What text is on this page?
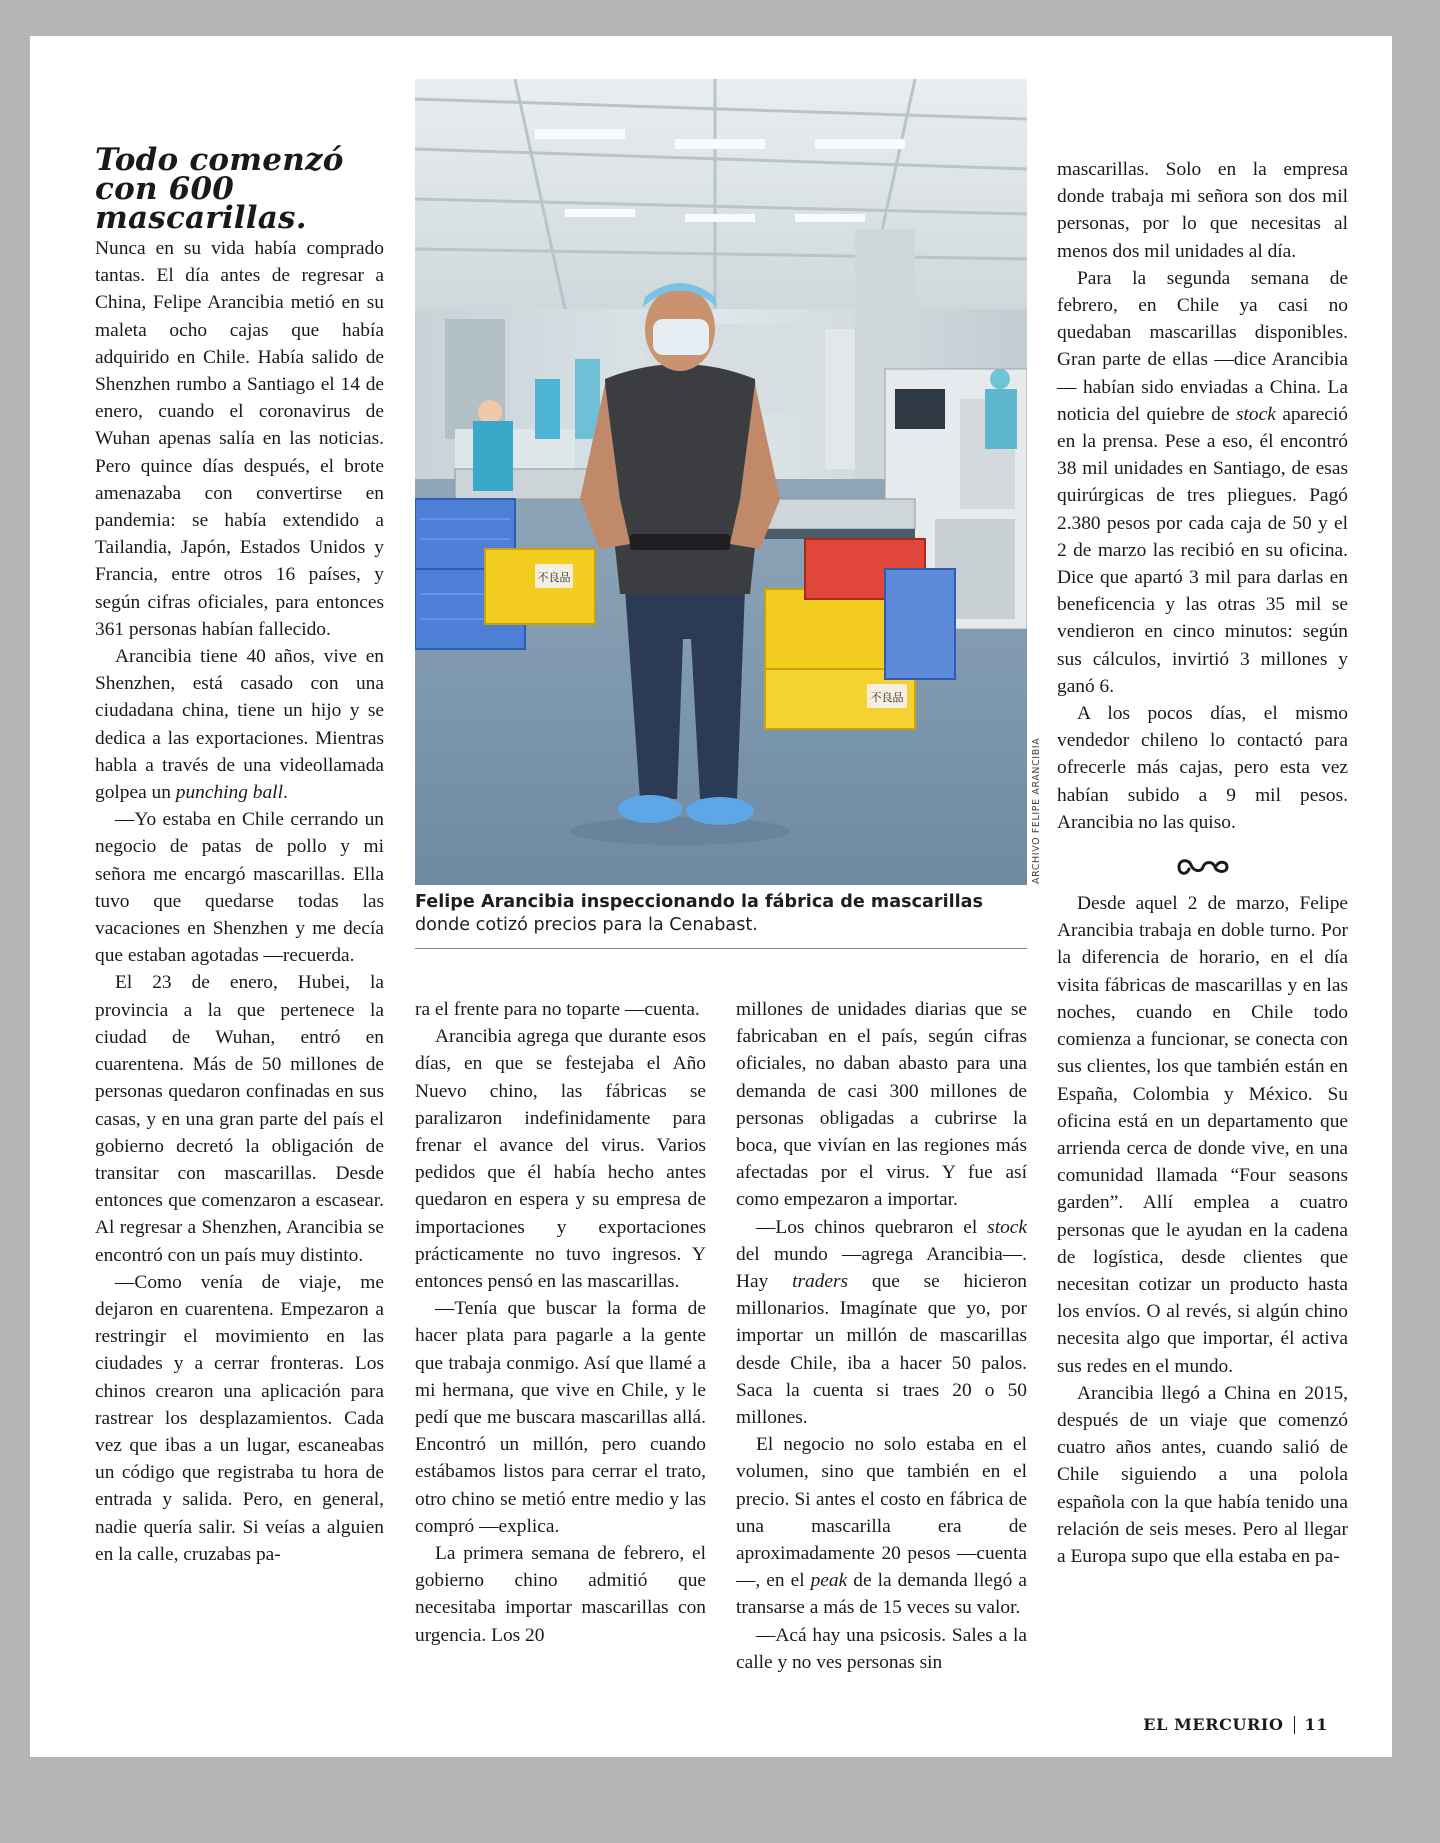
Todo comenzó con 600 mascarillas.

Nunca en su vida había comprado tantas. El día antes de regresar a China, Felipe Arancibia metió en su maleta ocho cajas que había adquirido en Chile. Había salido de Shenzhen rumbo a Santiago el 14 de enero, cuando el coronavirus de Wuhan apenas salía en las noticias. Pero quince días después, el brote amenazaba con convertirse en pandemia: se había extendido a Tailandia, Japón, Estados Unidos y Francia, entre otros 16 países, y según cifras oficiales, para entonces 361 personas habían fallecido.

Arancibia tiene 40 años, vive en Shenzhen, está casado con una ciudadana china, tiene un hijo y se dedica a las exportaciones. Mientras habla a través de una videollamada golpea un punching ball.

—Yo estaba en Chile cerrando un negocio de patas de pollo y mi señora me encargó mascarillas. Ella tuvo que quedarse todas las vacaciones en Shenzhen y me decía que estaban agotadas —recuerda.

El 23 de enero, Hubei, la provincia a la que pertenece la ciudad de Wuhan, entró en cuarentena. Más de 50 millones de personas quedaron confinadas en sus casas, y en una gran parte del país el gobierno decretó la obligación de transitar con mascarillas. Desde entonces que comenzaron a escasear. Al regresar a Shenzhen, Arancibia se encontró con un país muy distinto.

—Como venía de viaje, me dejaron en cuarentena. Empezaron a restringir el movimiento en las ciudades y a cerrar fronteras. Los chinos crearon una aplicación para rastrear los desplazamientos. Cada vez que ibas a un lugar, escaneabas un código que registraba tu hora de entrada y salida. Pero, en general, nadie quería salir. Si veías a alguien en la calle, cruzabas pa-

不良品
不良品
ARCHIVO FELIPE ARANCIBIA
Felipe Arancibia inspeccionando la fábrica de mascarillas donde cotizó precios para la Cenabast.

ra el frente para no toparte —cuenta.

Arancibia agrega que durante esos días, en que se festejaba el Año Nuevo chino, las fábricas se paralizaron indefinidamente para frenar el avance del virus. Varios pedidos que él había hecho antes quedaron en espera y su empresa de importaciones y exportaciones prácticamente no tuvo ingresos. Y entonces pensó en las mascarillas.

—Tenía que buscar la forma de hacer plata para pagarle a la gente que trabaja conmigo. Así que llamé a mi hermana, que vive en Chile, y le pedí que me buscara mascarillas allá. Encontró un millón, pero cuando estábamos listos para cerrar el trato, otro chino se metió entre medio y las compró —explica.

La primera semana de febrero, el gobierno chino admitió que necesitaba importar mascarillas con urgencia. Los 20

millones de unidades diarias que se fabricaban en el país, según cifras oficiales, no daban abasto para una demanda de casi 300 millones de personas obligadas a cubrirse la boca, que vivían en las regiones más afectadas por el virus. Y fue así como empezaron a importar.

—Los chinos quebraron el stock del mundo —agrega Arancibia—. Hay traders que se hicieron millonarios. Imagínate que yo, por importar un millón de mascarillas desde Chile, iba a hacer 50 palos. Saca la cuenta si traes 20 o 50 millones.

El negocio no solo estaba en el volumen, sino que también en el precio. Si antes el costo en fábrica de una mascarilla era de aproximadamente 20 pesos —cuenta—, en el peak de la demanda llegó a transarse a más de 15 veces su valor.

—Acá hay una psicosis. Sales a la calle y no ves personas sin

mascarillas. Solo en la empresa donde trabaja mi señora son dos mil personas, por lo que necesitas al menos dos mil unidades al día.

Para la segunda semana de febrero, en Chile ya casi no quedaban mascarillas disponibles. Gran parte de ellas —dice Arancibia— habían sido enviadas a China. La noticia del quiebre de stock apareció en la prensa. Pese a eso, él encontró 38 mil unidades en Santiago, de esas quirúrgicas de tres pliegues. Pagó 2.380 pesos por cada caja de 50 y el 2 de marzo las recibió en su oficina. Dice que apartó 3 mil para darlas en beneficencia y las otras 35 mil se vendieron en cinco minutos: según sus cálculos, invirtió 3 millones y ganó 6.

A los pocos días, el mismo vendedor chileno lo contactó para ofrecerle más cajas, pero esta vez habían subido a 9 mil pesos. Arancibia no las quiso.

Desde aquel 2 de marzo, Felipe Arancibia trabaja en doble turno. Por la diferencia de horario, en el día visita fábricas de mascarillas y en las noches, cuando en Chile todo comienza a funcionar, se conecta con sus clientes, los que también están en España, Colombia y México. Su oficina está en un departamento que arrienda cerca de donde vive, en una comunidad llamada “Four seasons garden”. Allí emplea a cuatro personas que le ayudan en la cadena de logística, desde clientes que necesitan cotizar un producto hasta los envíos. O al revés, si algún chino necesita algo que importar, él activa sus redes en el mundo.

Arancibia llegó a China en 2015, después de un viaje que comenzó cuatro años antes, cuando salió de Chile siguiendo a una polola española con la que había tenido una relación de seis meses. Pero al llegar a Europa supo que ella estaba en pa-

EL MERCURIO 11
